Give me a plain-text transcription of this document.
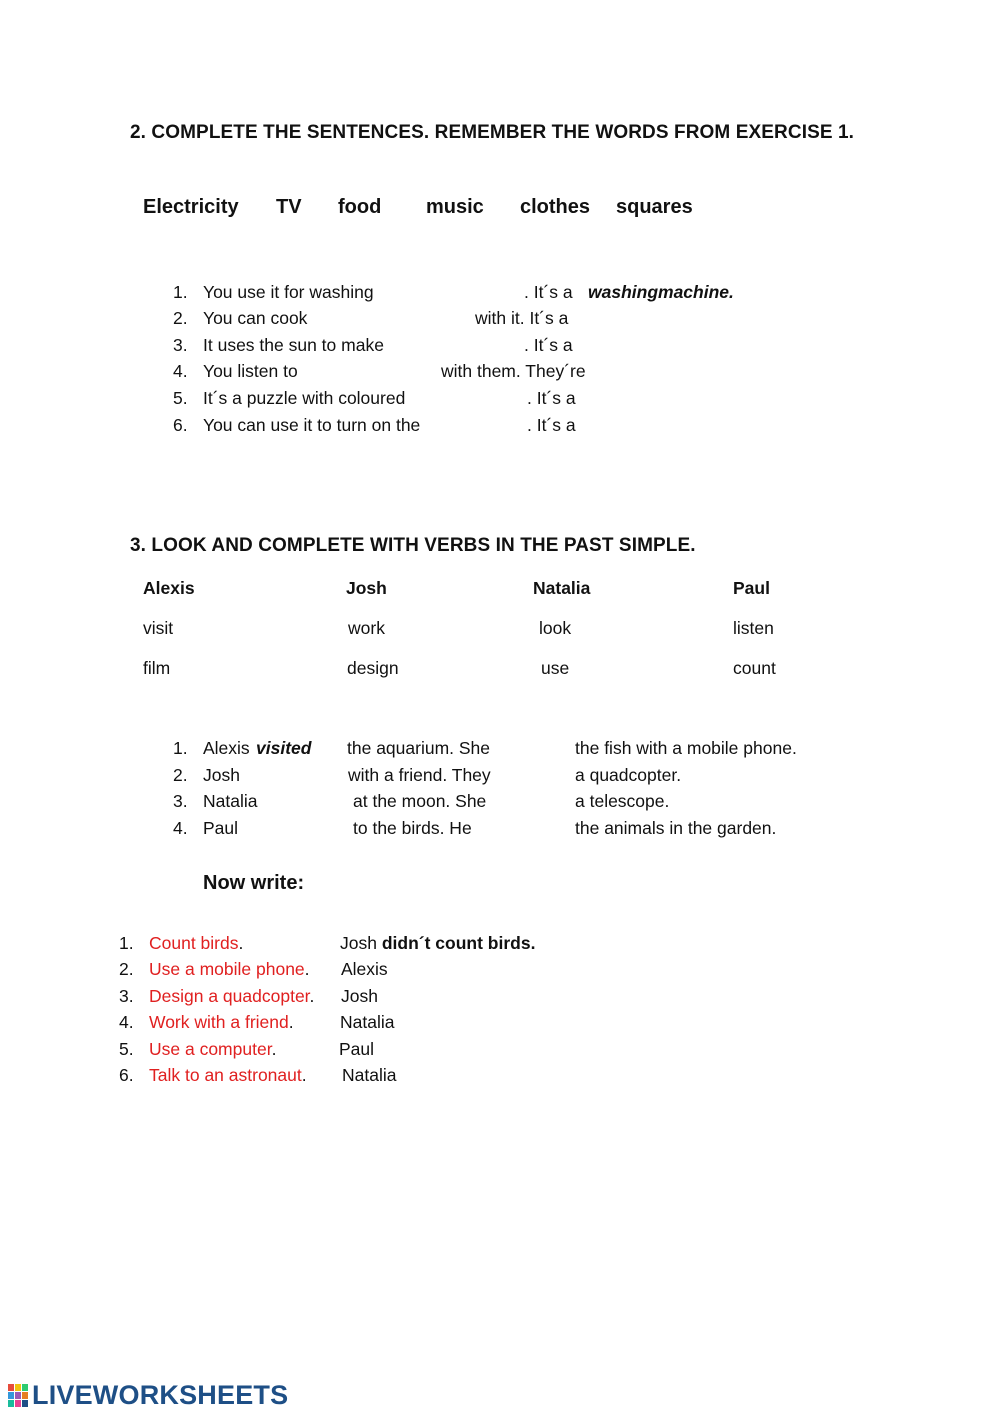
2. COMPLETE THE SENTENCES. REMEMBER THE WORDS FROM EXERCISE 1.
Electricity TV food music clothes squares
1. You use it for washing	. It´s a washingmachine.
2. You can cook	with it. It´s a
3. It uses the sun to make	. It´s a
4. You listen to	with them. They´re
5. It´s a puzzle with coloured	. It´s a
6. You can use it to turn on the	. It´s a
3. LOOK AND COMPLETE WITH VERBS IN THE PAST SIMPLE.
Alexis	Josh	Natalia	Paul
visit	work	look	listen
film	design	use	count
1. Alexis visited the aquarium. She	the fish with a mobile phone.
2. Josh	with a friend. They	a quadcopter.
3. Natalia	at the moon. She	a telescope.
4. Paul	to the birds. He	the animals in the garden.
Now write:
1. Count birds.	Josh didn´t count birds.
2. Use a mobile phone. Alexis
3. Design a quadcopter. Josh
4. Work with a friend.	Natalia
5. Use a computer.	Paul
6. Talk to an astronaut. Natalia
LIVEWORKSHEETS
